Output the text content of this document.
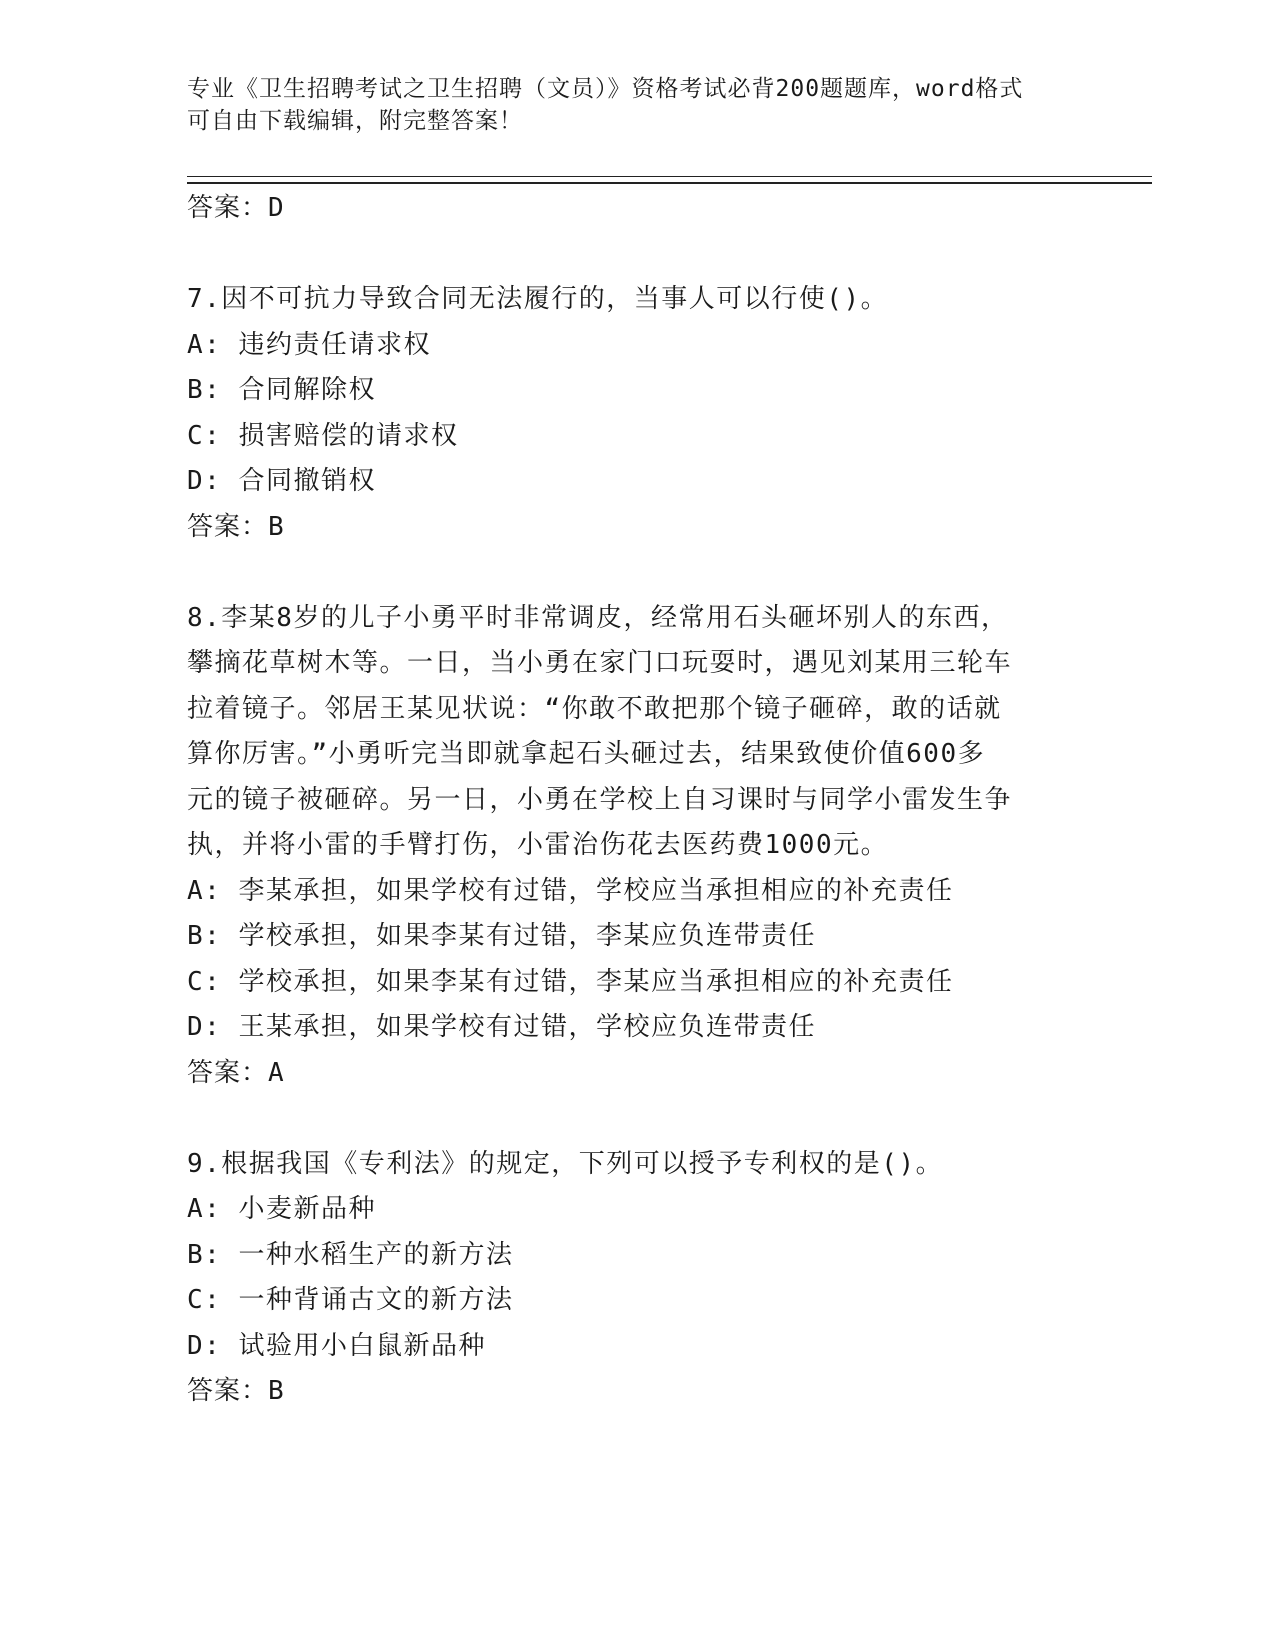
专业《卫生招聘考试之卫生招聘（文员）》资格考试必背200题题库，word格式
可自由下载编辑，附完整答案！
答案：D
7.因不可抗力导致合同无法履行的，当事人可以行使()。
A: 违约责任请求权
B: 合同解除权
C: 损害赔偿的请求权
D: 合同撤销权
答案：B
8.李某8岁的儿子小勇平时非常调皮，经常用石头砸坏别人的东西，
攀摘花草树木等。一日，当小勇在家门口玩耍时，遇见刘某用三轮车
拉着镜子。邻居王某见状说：“你敢不敢把那个镜子砸碎，敢的话就
算你厉害。”小勇听完当即就拿起石头砸过去，结果致使价值600多
元的镜子被砸碎。另一日，小勇在学校上自习课时与同学小雷发生争
执，并将小雷的手臂打伤，小雷治伤花去医药费1000元。
A: 李某承担，如果学校有过错，学校应当承担相应的补充责任
B: 学校承担，如果李某有过错，李某应负连带责任
C: 学校承担，如果李某有过错，李某应当承担相应的补充责任
D: 王某承担，如果学校有过错，学校应负连带责任
答案：A
9.根据我国《专利法》的规定，下列可以授予专利权的是()。
A: 小麦新品种
B: 一种水稻生产的新方法
C: 一种背诵古文的新方法
D: 试验用小白鼠新品种
答案：B
